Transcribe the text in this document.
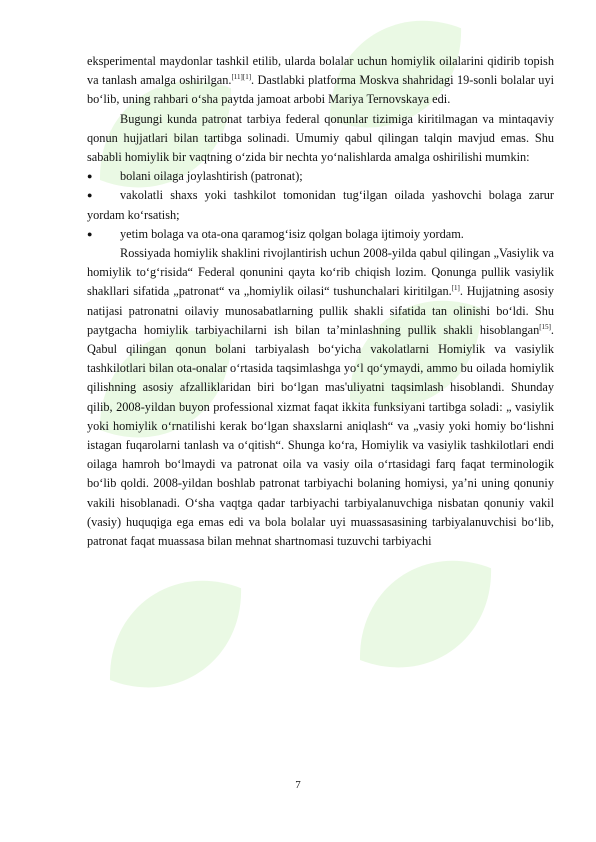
eksperimental maydonlar tashkil etilib, ularda bolalar uchun homiylik oilalarini qidirib topish va tanlash amalga oshirilgan.[11][1]. Dastlabki platforma Moskva shahridagi 19-sonli bolalar uyi bo‘lib, uning rahbari o‘sha paytda jamoat arbobi Mariya Ternovskaya edi.

Bugungi kunda patronat tarbiya federal qonunlar tizimiga kiritilmagan va mintaqaviy qonun hujjatlari bilan tartibga solinadi. Umumiy qabul qilingan talqin mavjud emas. Shu sababli homiylik bir vaqtning o‘zida bir nechta yo‘nalishlarda amalga oshirilishi mumkin:

● bolani oilaga joylashtirish (patronat);

● vakolatli shaxs yoki tashkilot tomonidan tug‘ilgan oilada yashovchi bolaga zarur yordam ko‘rsatish;

● yetim bolaga va ota-ona qaramog‘isiz qolgan bolaga ijtimoiy yordam.

Rossiyada homiylik shaklini rivojlantirish uchun 2008-yilda qabul qilingan „Vasiylik va homiylik to‘g‘risida“ Federal qonunini qayta ko‘rib chiqish lozim. Qonunga pullik vasiylik shakllari sifatida „patronat“ va „homiylik oilasi“ tushunchalari kiritilgan.[1]. Hujjatning asosiy natijasi patronatni oilaviy munosabatlarning pullik shakli sifatida tan olinishi bo‘ldi. Shu paytgacha homiylik tarbiyachilarni ish bilan ta’minlashning pullik shakli hisoblangan[15]. Qabul qilingan qonun bolani tarbiyalash bo‘yicha vakolatlarni Homiylik va vasiylik tashkilotlari bilan ota-onalar o‘rtasida taqsimlashga yo‘l qo‘ymaydi, ammo bu oilada homiylik qilishning asosiy afzalliklaridan biri bo‘lgan mas'uliyatni taqsimlash hisoblandi. Shunday qilib, 2008-yildan buyon professional xizmat faqat ikkita funksiyani tartibga soladi: „ vasiylik yoki homiylik o‘rnatilishi kerak bo‘lgan shaxslarni aniqlash“ va „vasiy yoki homiy bo‘lishni istagan fuqarolarni tanlash va o‘qitish“. Shunga ko‘ra, Homiylik va vasiylik tashkilotlari endi oilaga hamroh bo‘lmaydi va patronat oila va vasiy oila o‘rtasidagi farq faqat terminologik bo‘lib qoldi. 2008-yildan boshlab patronat tarbiyachi bolaning homiysi, ya’ni uning qonuniy vakili hisoblanadi. O‘sha vaqtga qadar tarbiyachi tarbiyalanuvchiga nisbatan qonuniy vakil (vasiy) huquqiga ega emas edi va bola bolalar uyi muassasasining tarbiyalanuvchisi bo‘lib, patronat faqat muassasa bilan mehnat shartnomasi tuzuvchi tarbiyachi

7
